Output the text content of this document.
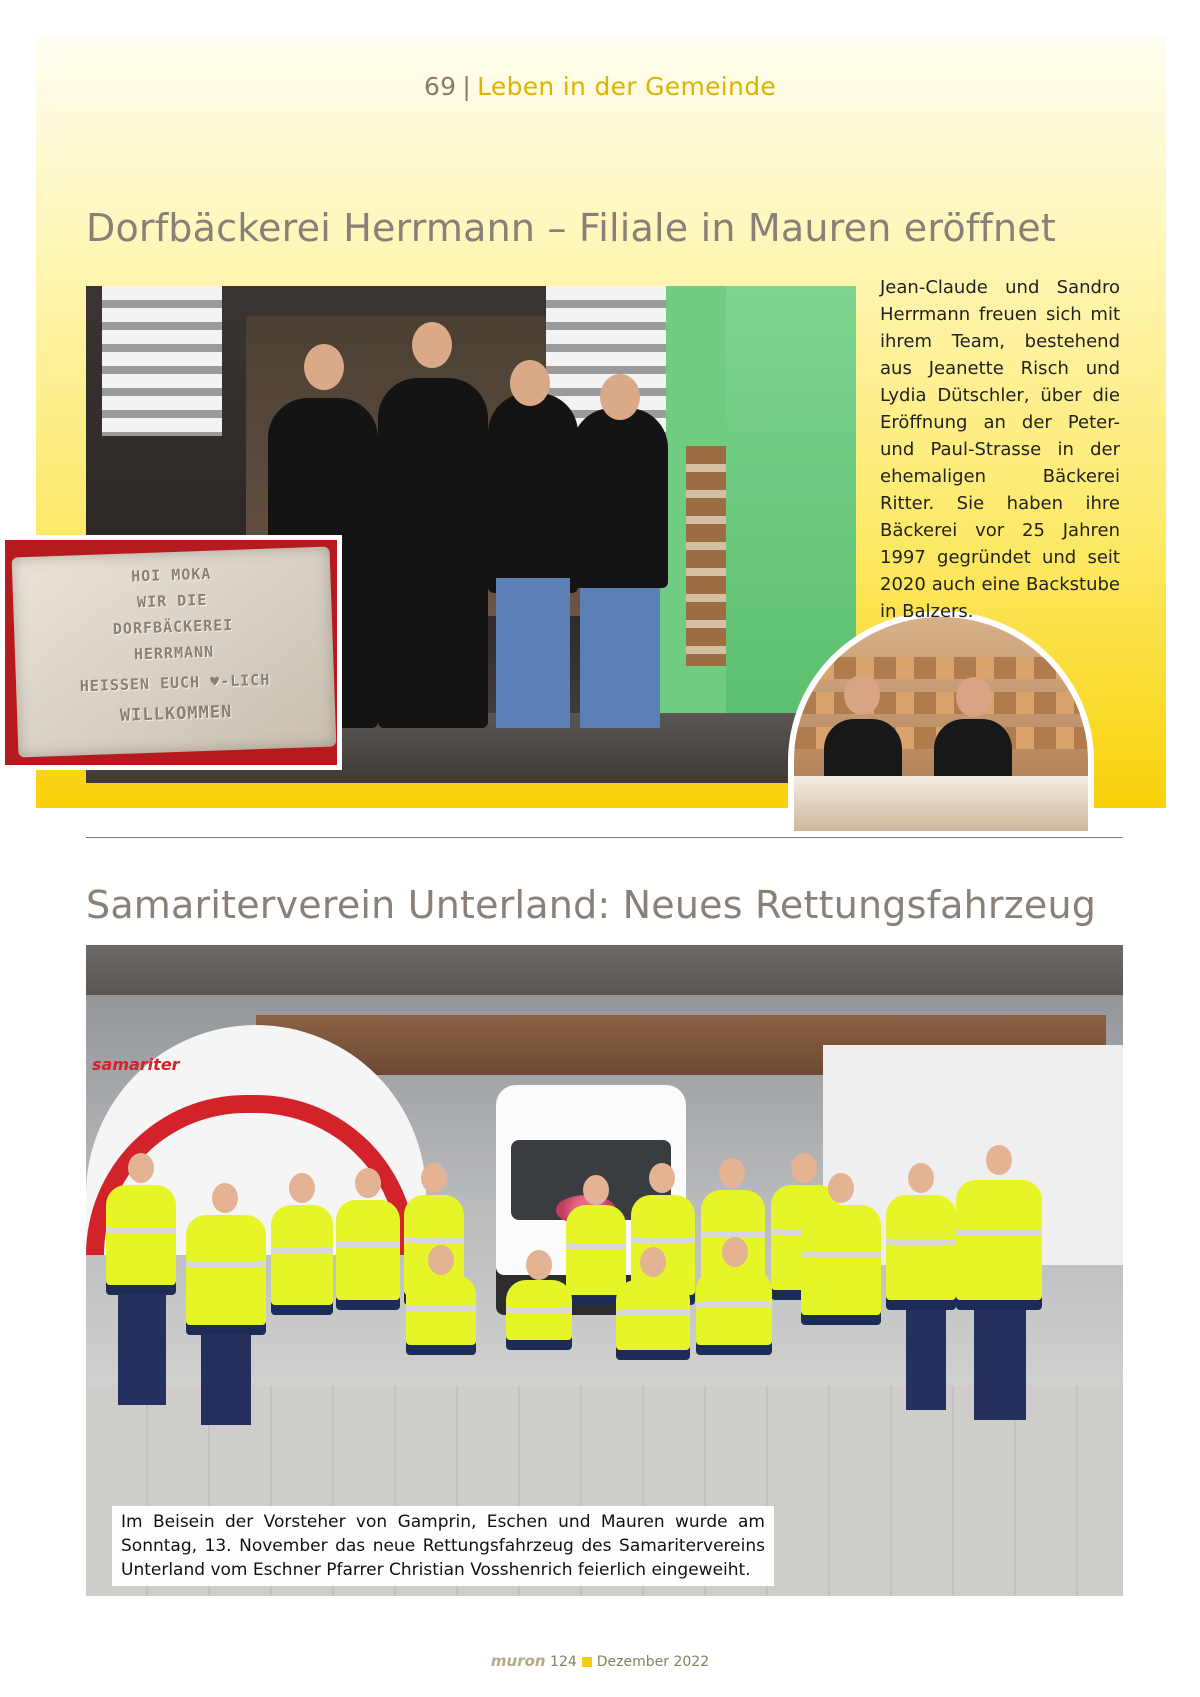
69 | Leben in der Gemeinde
Dorfbäckerei Herrmann – Filiale in Mauren eröffnet
HOI MOKA
WIR DIE
DORFBÄCKEREI
HERRMANN
HEISSEN EUCH ♥-LICH
WILLKOMMEN

Jean-Claude und Sandro Herrmann freuen sich mit ihrem Team, bestehend aus Jeanette Risch und Lydia Dütschler, über die Eröffnung an der Peter- und Paul-Strasse in der ehemaligen Bäckerei Ritter. Sie haben ihre Bäckerei vor 25 Jahren 1997 gegründet und seit 2020 auch eine Backstube in Balzers.

Samariterverein Unterland: Neues Rettungsfahrzeug
samariter

Im Beisein der Vorsteher von Gamprin, Eschen und Mauren wurde am Sonntag, 13. November das neue Rettungsfahrzeug des Samaritervereins Unterland vom Eschner Pfarrer Christian Vosshenrich feierlich eingeweiht.

muron 124 Dezember 2022
